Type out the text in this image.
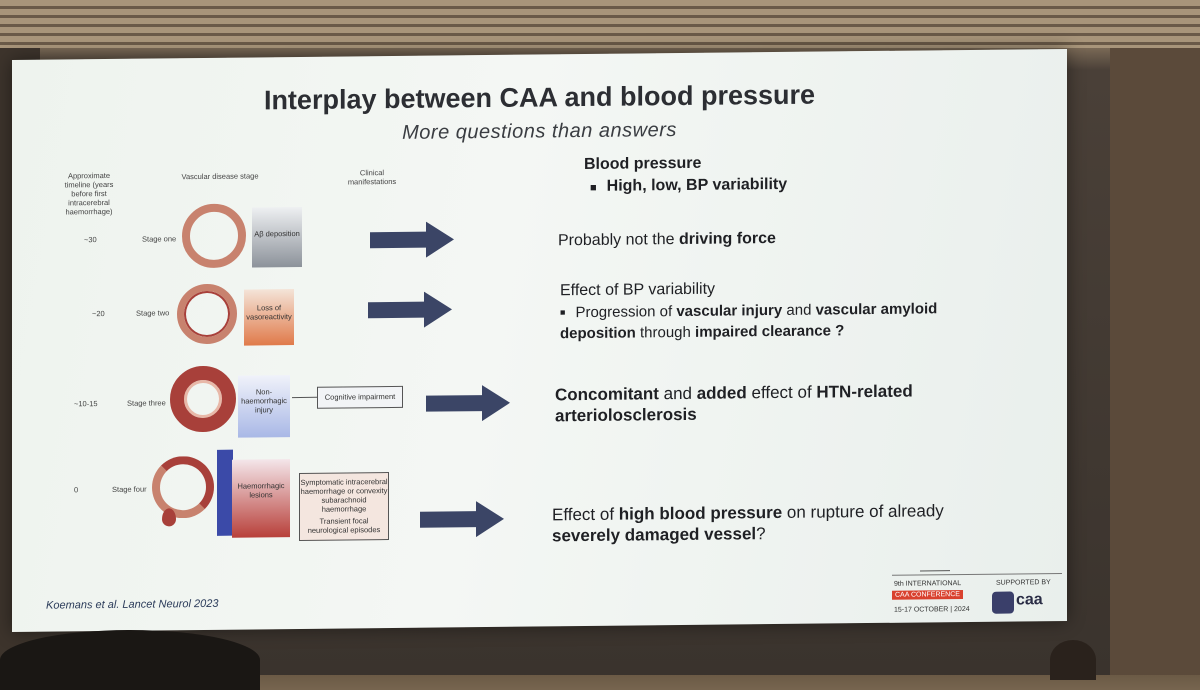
Interplay between CAA and blood pressure
More questions than answers
Approximate timeline (years before first intracerebral haemorrhage)
Vascular disease stage	Clinical manifestations
~30	Stage one
Aβ deposition
~20	Stage two
Loss of vasoreactivity
~10-15	Stage three
Non-haemorrhagic injury
Cognitive impairment
0	Stage four	Haemorrhagic lesions
Symptomatic intracerebral haemorrhage or convexity subarachnoid haemorrhage
Transient focal neurological episodes
Blood pressure
■ High, low, BP variability
Probably not the driving force
Effect of BP variability
■ Progression of vascular injury and vascular amyloid deposition through impaired clearance ?
Concomitant and added effect of HTN-related arteriolosclerosis
Effect of high blood pressure on rupture of already severely damaged vessel?
Koemans et al. Lancet Neurol 2023
9th INTERNATIONAL
CAA CONFERENCE
15-17 OCTOBER | 2024
SUPPORTED BY
caa
